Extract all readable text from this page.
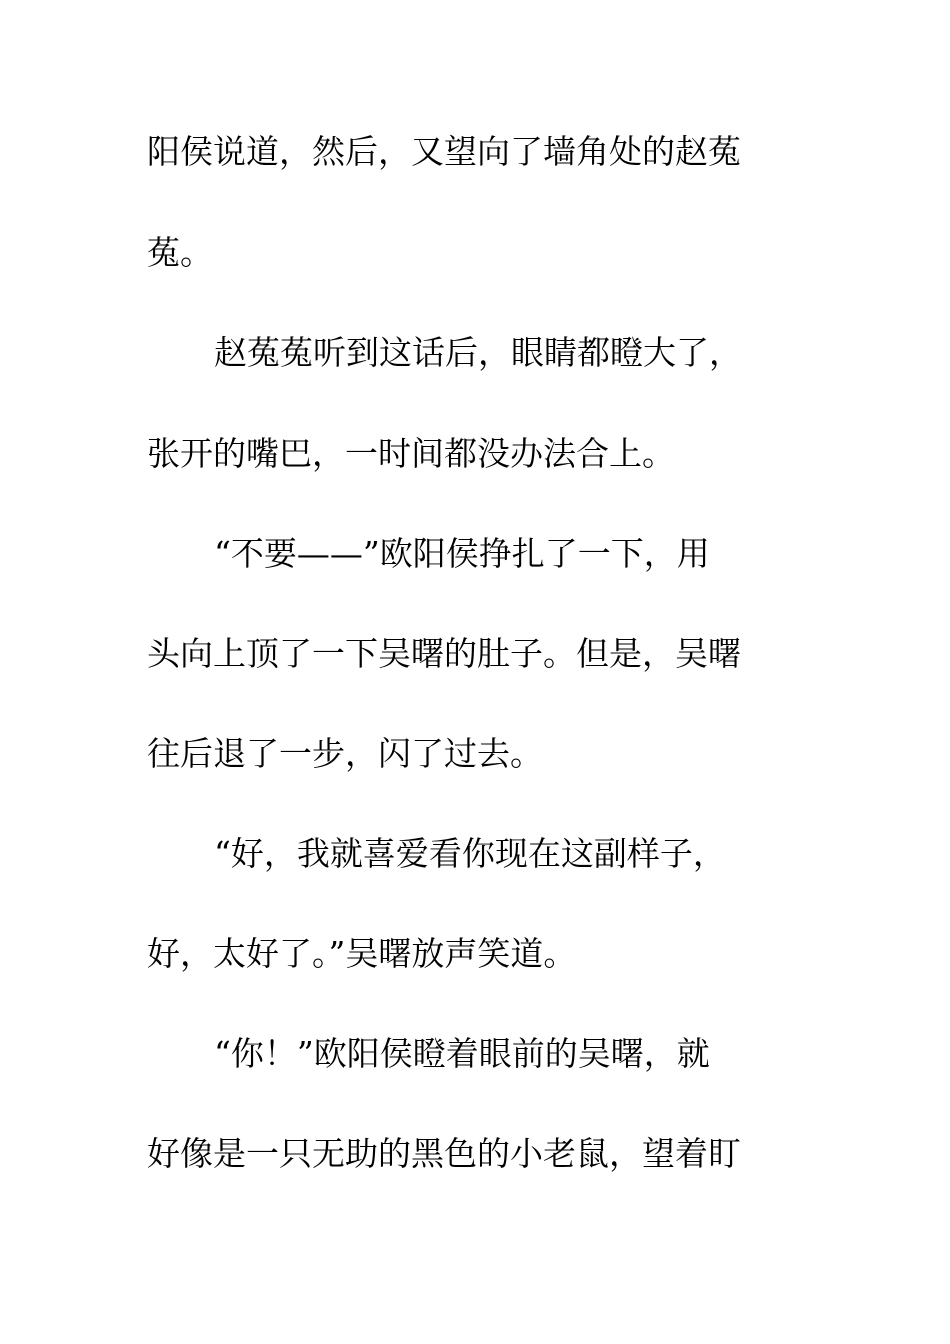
阳侯说道，然后，又望向了墙角处的赵菟
菟。
赵菟菟听到这话后，眼睛都瞪大了，
张开的嘴巴，一时间都没办法合上。
“不要——”欧阳侯挣扎了一下，用
头向上顶了一下吴曙的肚子。但是，吴曙
往后退了一步，闪了过去。
“好，我就喜爱看你现在这副样子，
好，太好了。”吴曙放声笑道。
“你！”欧阳侯瞪着眼前的吴曙，就
好像是一只无助的黑色的小老鼠，望着盯
